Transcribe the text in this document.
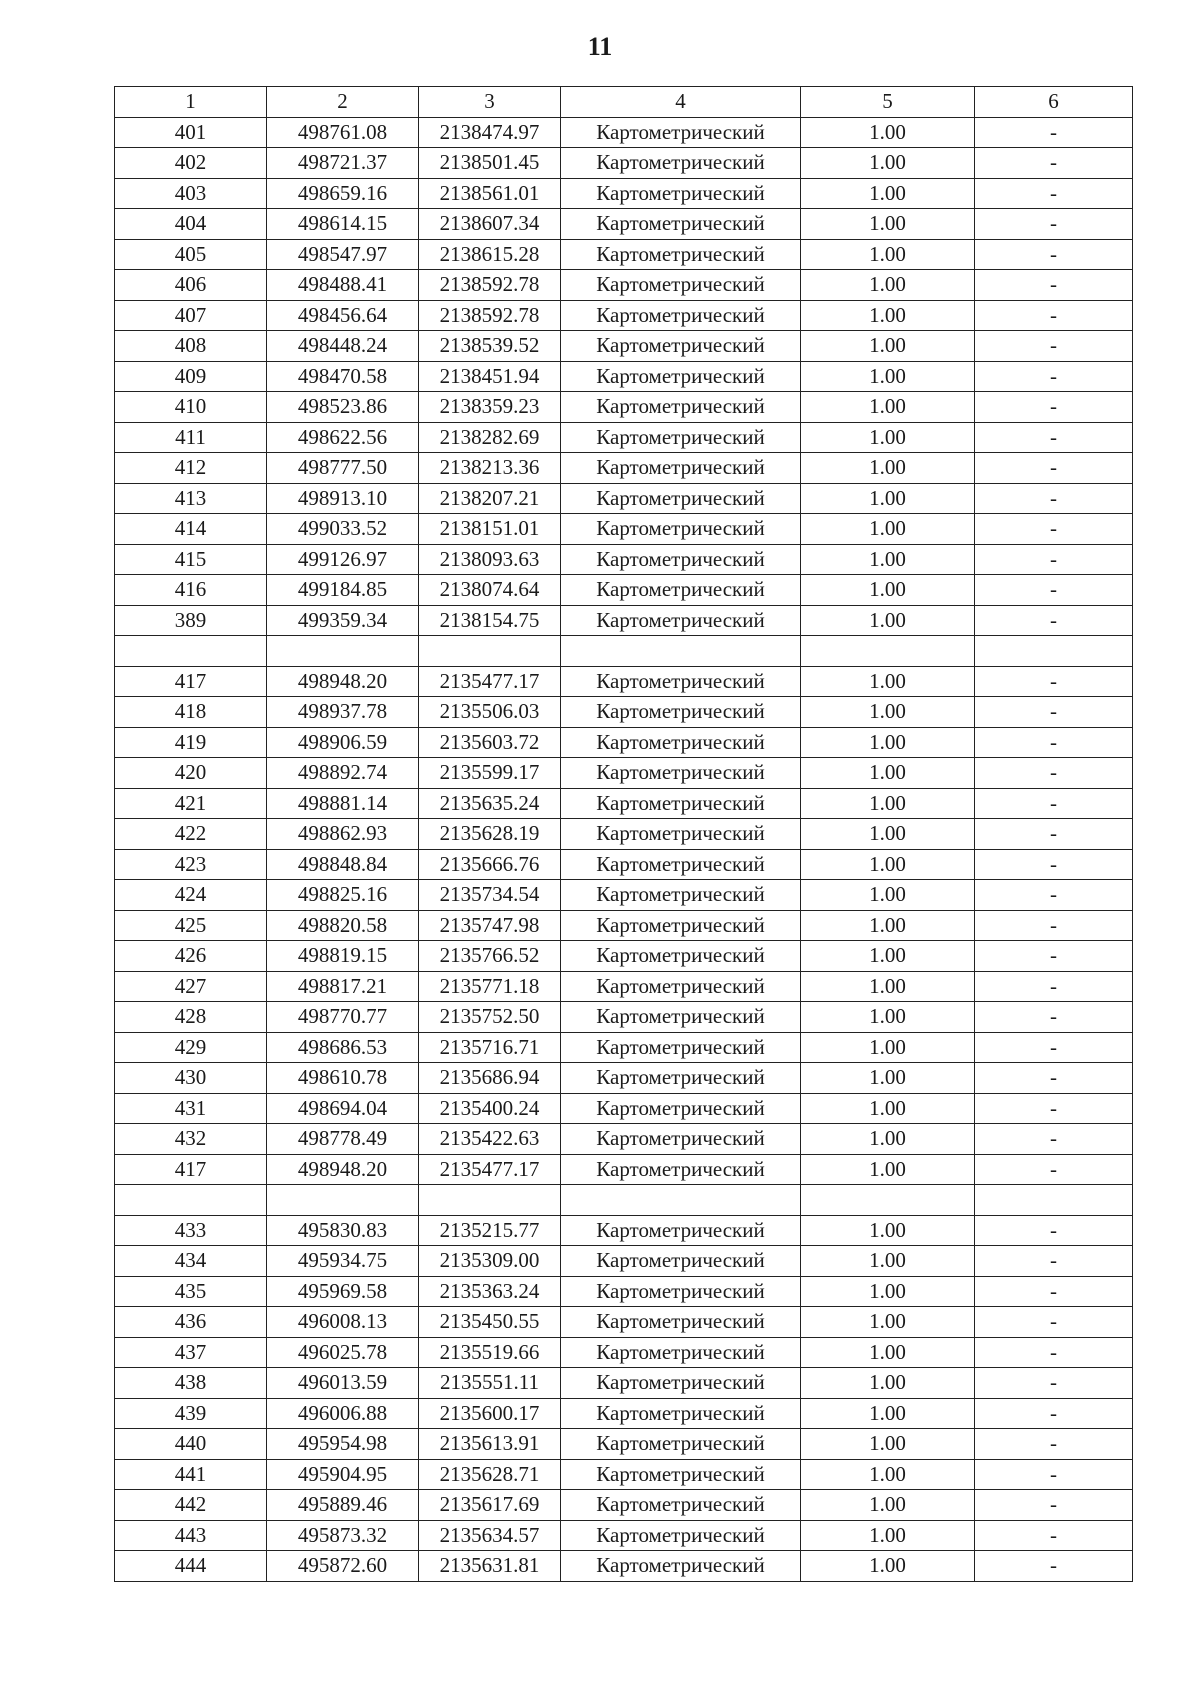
11
1	2	3	4	5	6
401	498761.08	2138474.97	Картометрический	1.00	-
402	498721.37	2138501.45	Картометрический	1.00	-
403	498659.16	2138561.01	Картометрический	1.00	-
404	498614.15	2138607.34	Картометрический	1.00	-
405	498547.97	2138615.28	Картометрический	1.00	-
406	498488.41	2138592.78	Картометрический	1.00	-
407	498456.64	2138592.78	Картометрический	1.00	-
408	498448.24	2138539.52	Картометрический	1.00	-
409	498470.58	2138451.94	Картометрический	1.00	-
410	498523.86	2138359.23	Картометрический	1.00	-
411	498622.56	2138282.69	Картометрический	1.00	-
412	498777.50	2138213.36	Картометрический	1.00	-
413	498913.10	2138207.21	Картометрический	1.00	-
414	499033.52	2138151.01	Картометрический	1.00	-
415	499126.97	2138093.63	Картометрический	1.00	-
416	499184.85	2138074.64	Картометрический	1.00	-
389	499359.34	2138154.75	Картометрический	1.00	-

417	498948.20	2135477.17	Картометрический	1.00	-
418	498937.78	2135506.03	Картометрический	1.00	-
419	498906.59	2135603.72	Картометрический	1.00	-
420	498892.74	2135599.17	Картометрический	1.00	-
421	498881.14	2135635.24	Картометрический	1.00	-
422	498862.93	2135628.19	Картометрический	1.00	-
423	498848.84	2135666.76	Картометрический	1.00	-
424	498825.16	2135734.54	Картометрический	1.00	-
425	498820.58	2135747.98	Картометрический	1.00	-
426	498819.15	2135766.52	Картометрический	1.00	-
427	498817.21	2135771.18	Картометрический	1.00	-
428	498770.77	2135752.50	Картометрический	1.00	-
429	498686.53	2135716.71	Картометрический	1.00	-
430	498610.78	2135686.94	Картометрический	1.00	-
431	498694.04	2135400.24	Картометрический	1.00	-
432	498778.49	2135422.63	Картометрический	1.00	-
417	498948.20	2135477.17	Картометрический	1.00	-

433	495830.83	2135215.77	Картометрический	1.00	-
434	495934.75	2135309.00	Картометрический	1.00	-
435	495969.58	2135363.24	Картометрический	1.00	-
436	496008.13	2135450.55	Картометрический	1.00	-
437	496025.78	2135519.66	Картометрический	1.00	-
438	496013.59	2135551.11	Картометрический	1.00	-
439	496006.88	2135600.17	Картометрический	1.00	-
440	495954.98	2135613.91	Картометрический	1.00	-
441	495904.95	2135628.71	Картометрический	1.00	-
442	495889.46	2135617.69	Картометрический	1.00	-
443	495873.32	2135634.57	Картометрический	1.00	-
444	495872.60	2135631.81	Картометрический	1.00	-
